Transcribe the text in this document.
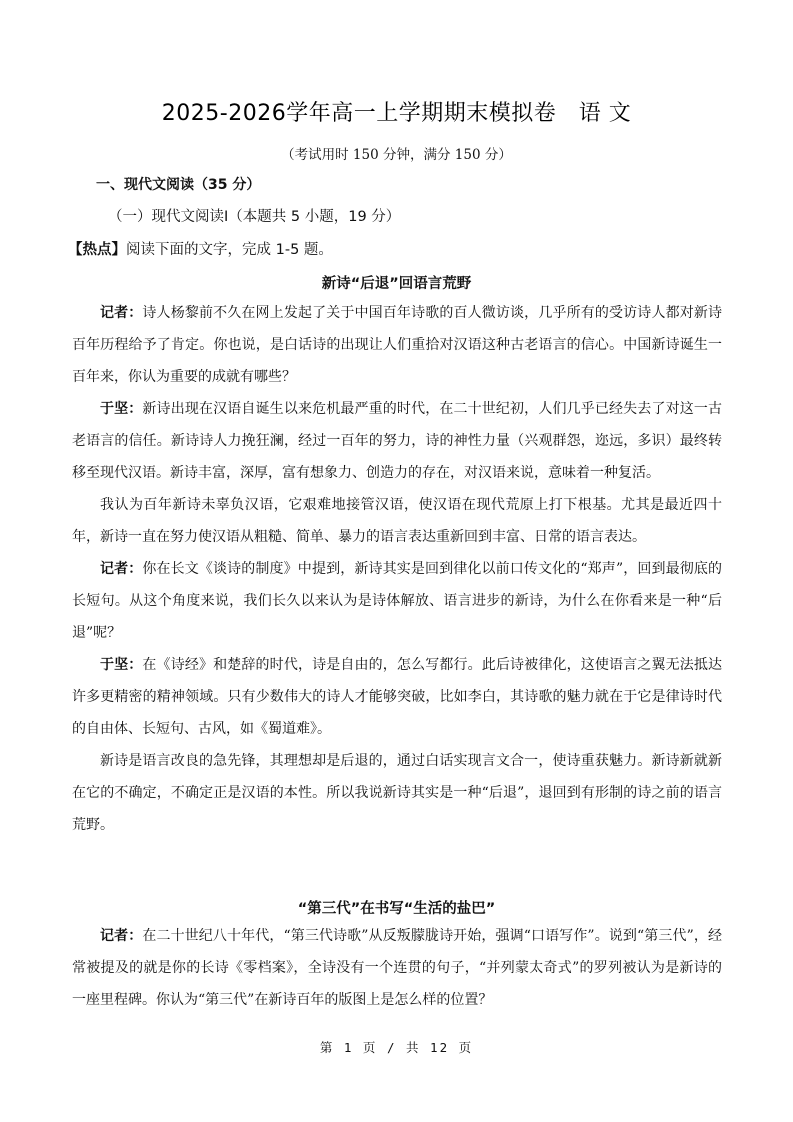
2025-2026学年高一上学期期末模拟卷　语 文
（考试用时 150 分钟，满分 150 分）
一、现代文阅读（35 分）
（一）现代文阅读Ⅰ（本题共 5 小题，19 分）
【热点】阅读下面的文字，完成 1-5 题。
新诗“后退”回语言荒野

记者：诗人杨黎前不久在网上发起了关于中国百年诗歌的百人微访谈，几乎所有的受访诗人都对新诗百年历程给予了肯定。你也说，是白话诗的出现让人们重拾对汉语这种古老语言的信心。中国新诗诞生一百年来，你认为重要的成就有哪些？

于坚：新诗出现在汉语自诞生以来危机最严重的时代，在二十世纪初，人们几乎已经失去了对这一古老语言的信任。新诗诗人力挽狂澜，经过一百年的努力，诗的神性力量（兴观群怨，迩远，多识）最终转移至现代汉语。新诗丰富，深厚，富有想象力、创造力的存在，对汉语来说，意味着一种复活。

我认为百年新诗未辜负汉语，它艰难地接管汉语，使汉语在现代荒原上打下根基。尤其是最近四十年，新诗一直在努力使汉语从粗糙、简单、暴力的语言表达重新回到丰富、日常的语言表达。

记者：你在长文《谈诗的制度》中提到，新诗其实是回到律化以前口传文化的“郑声”，回到最彻底的长短句。从这个角度来说，我们长久以来认为是诗体解放、语言进步的新诗，为什么在你看来是一种“后退”呢？

于坚：在《诗经》和楚辞的时代，诗是自由的，怎么写都行。此后诗被律化，这使语言之翼无法抵达许多更精密的精神领域。只有少数伟大的诗人才能够突破，比如李白，其诗歌的魅力就在于它是律诗时代的自由体、长短句、古风，如《蜀道难》。

新诗是语言改良的急先锋，其理想却是后退的，通过白话实现言文合一，使诗重获魅力。新诗新就新在它的不确定，不确定正是汉语的本性。所以我说新诗其实是一种“后退”，退回到有形制的诗之前的语言荒野。

“第三代”在书写“生活的盐巴”

记者：在二十世纪八十年代，“第三代诗歌”从反叛朦胧诗开始，强调“口语写作”。说到“第三代”，经常被提及的就是你的长诗《零档案》，全诗没有一个连贯的句子，“并列蒙太奇式”的罗列被认为是新诗的一座里程碑。你认为“第三代”在新诗百年的版图上是怎么样的位置？

第 1 页 / 共 12 页
